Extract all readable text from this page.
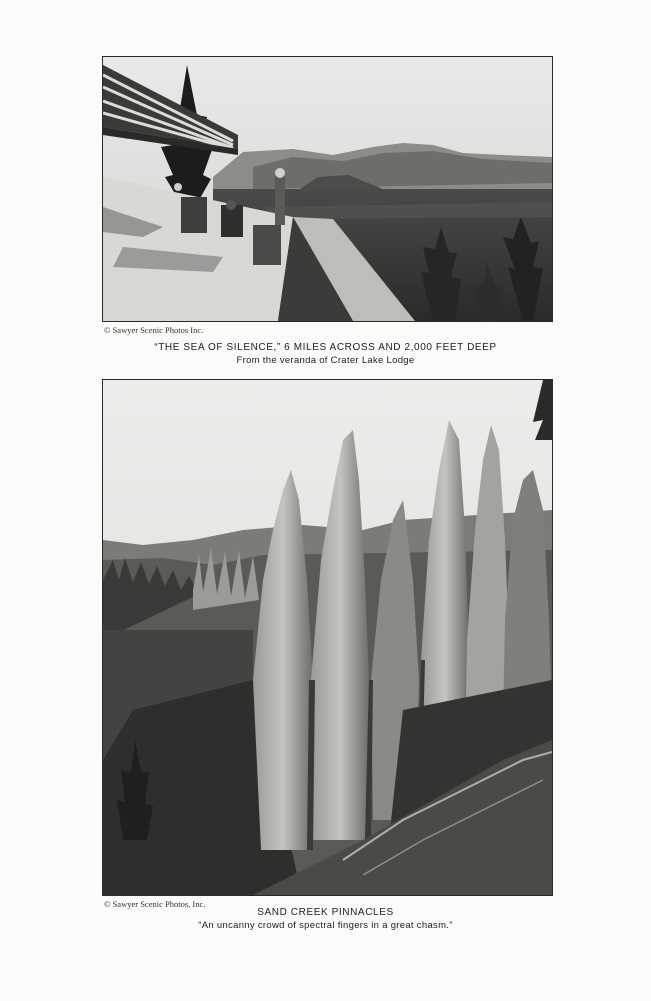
© Sawyer Scenic Photos Inc.
“THE SEA OF SILENCE,” 6 MILES ACROSS AND 2,000 FEET DEEP
From the veranda of Crater Lake Lodge
© Sawyer Scenic Photos, Inc.
SAND CREEK PINNACLES
“An uncanny crowd of spectral fingers in a great chasm.”
